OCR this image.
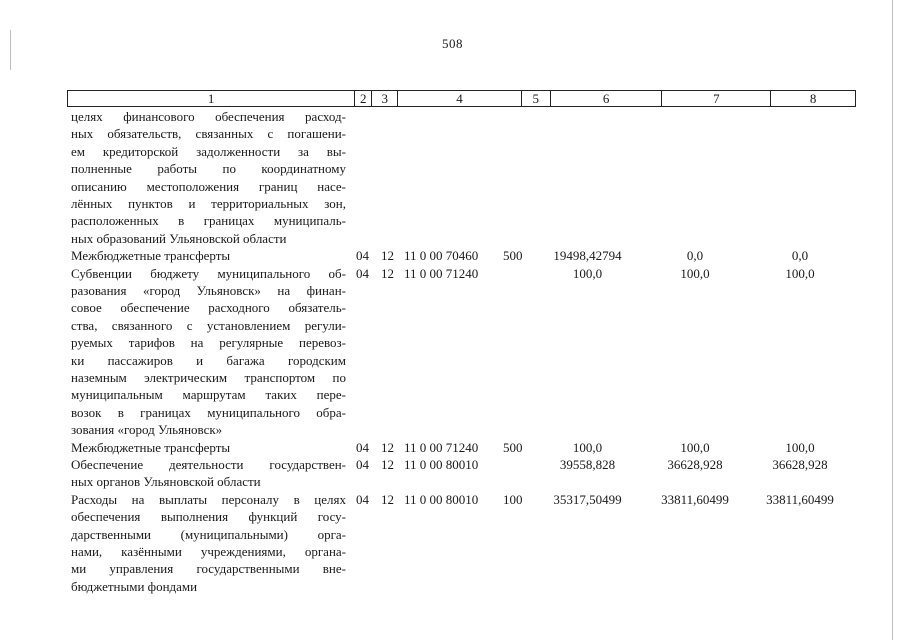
508
1	2	3	4	5	6	7	8
целях финансового обеспечения расход-
ных обязательств, связанных с погашени-
ем кредиторской задолженности за вы-
полненные работы по координатному
описанию местоположения границ насе-
лённых пунктов и территориальных зон,
расположенных в границах муниципаль-
ных образований Ульяновской области
Межбюджетные трансферты	04 12 11 0 00 70460 500	19498,42794	0,0	0,0
Субвенции бюджету муниципального об-
разования «город Ульяновск» на финан-
совое обеспечение расходного обязатель-
ства, связанного с установлением регули-
руемых тарифов на регулярные перевоз-
ки пассажиров и багажа городским
наземным электрическим транспортом по
муниципальным маршрутам таких пере-
возок в границах муниципального обра-
зования «город Ульяновск»
04 12 11 0 00 71240	100,0	100,0	100,0
Межбюджетные трансферты	04 12 11 0 00 71240 500	100,0	100,0	100,0
Обеспечение деятельности государствен-
ных органов Ульяновской области
04 12 11 0 00 80010	39558,828	36628,928	36628,928
Расходы на выплаты персоналу в целях
обеспечения выполнения функций госу-
дарственными (муниципальными) орга-
нами, казёнными учреждениями, органа-
ми управления государственными вне-
бюджетными фондами
04 12 11 0 00 80010 100	35317,50499	33811,60499	33811,60499
